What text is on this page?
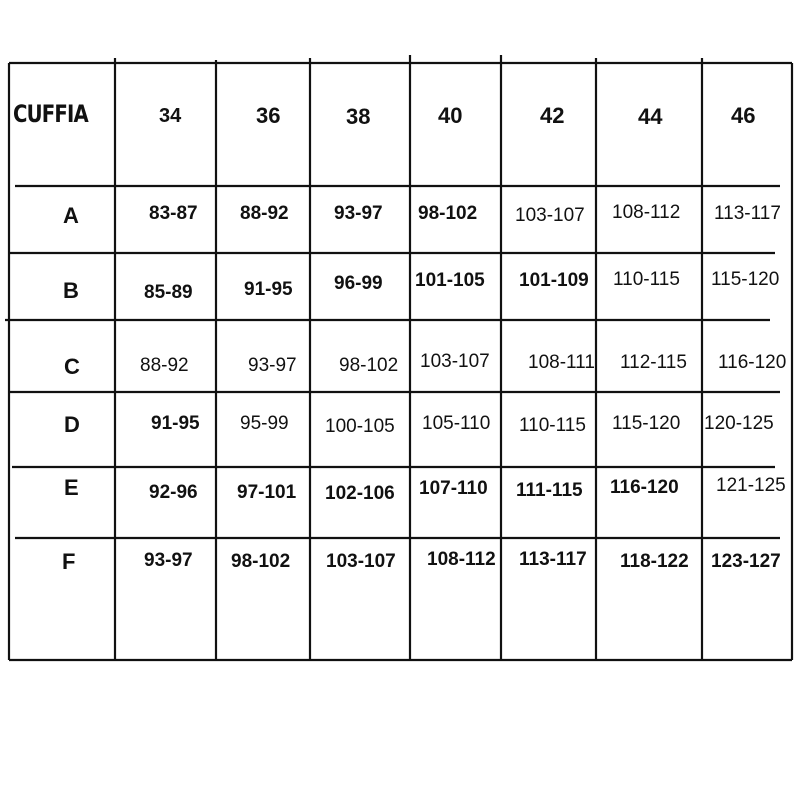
CUFFIA	34	36	38	40	42	44	46
A	83-87 88-92 93-97 98-102 103-107 108-112 113-117
B	85-89	91-95 96-99 101-105 101-109 110-115 115-120
C	88-92	93-97 98-102 103-107 108-111 112-115 116-120
D	91-95 95-99 100-105 105-110 110-115 115-120 120-125
E	92-96 97-101 102-106 107-110 111-115 116-120 121-125
F	93-97 98-102 103-107 108-112 113-117 118-122 123-127
